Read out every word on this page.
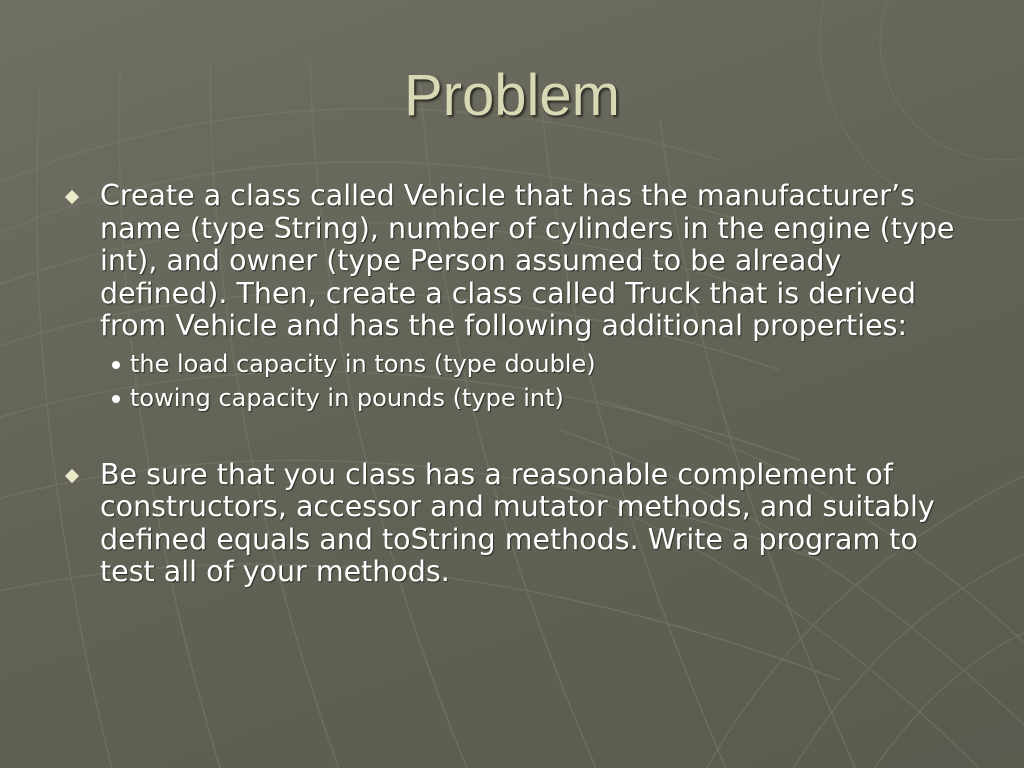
Problem
Create a class called Vehicle that has the manufacturer’s name (type String), number of cylinders in the engine (type int), and owner (type Person assumed to be already defined). Then, create a class called Truck that is derived from Vehicle and has the following additional properties:
the load capacity in tons (type double)
towing capacity in pounds (type int)
Be sure that you class has a reasonable complement of constructors, accessor and mutator methods, and suitably defined equals and toString methods. Write a program to test all of your methods.
